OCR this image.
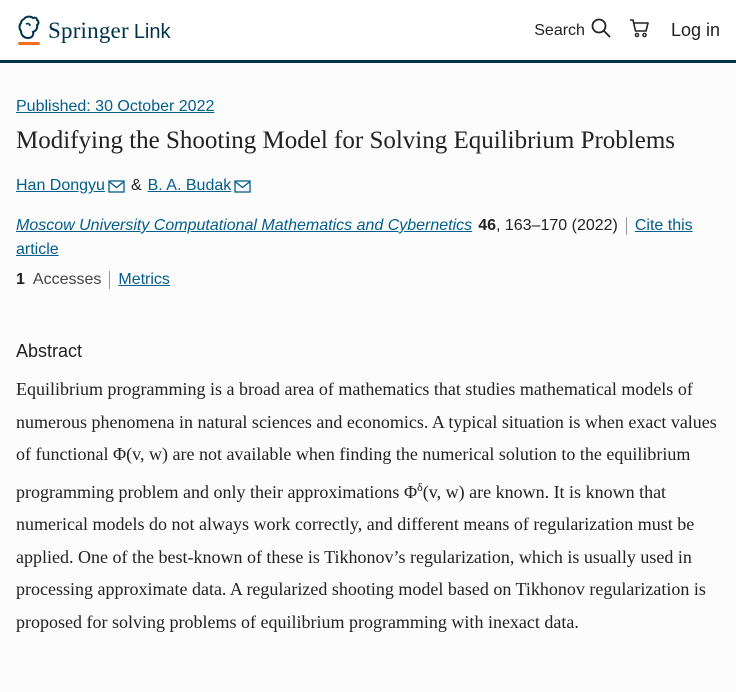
Springer Link	Search	Log in
Published: 30 October 2022
Modifying the Shooting Model for Solving Equilibrium Problems
Han Dongyu & B. A. Budak
Moscow University Computational Mathematics and Cybernetics 46, 163–170 (2022) Cite this article
1 Accesses Metrics
Abstract

Equilibrium programming is a broad area of mathematics that studies mathematical models of numerous phenomena in natural sciences and economics. A typical situation is when exact values of functional Φ(v, w) are not available when finding the numerical solution to the equilibrium programming problem and only their approximations $\Phi^\delta(v$, w) are known. It is known that numerical models do not always work correctly, and different means of regularization must be applied. One of the best-known of these is Tikhonov’s regularization, which is usually used in processing approximate data. A regularized shooting model based on Tikhonov regularization is proposed for solving problems of equilibrium programming with inexact data.
